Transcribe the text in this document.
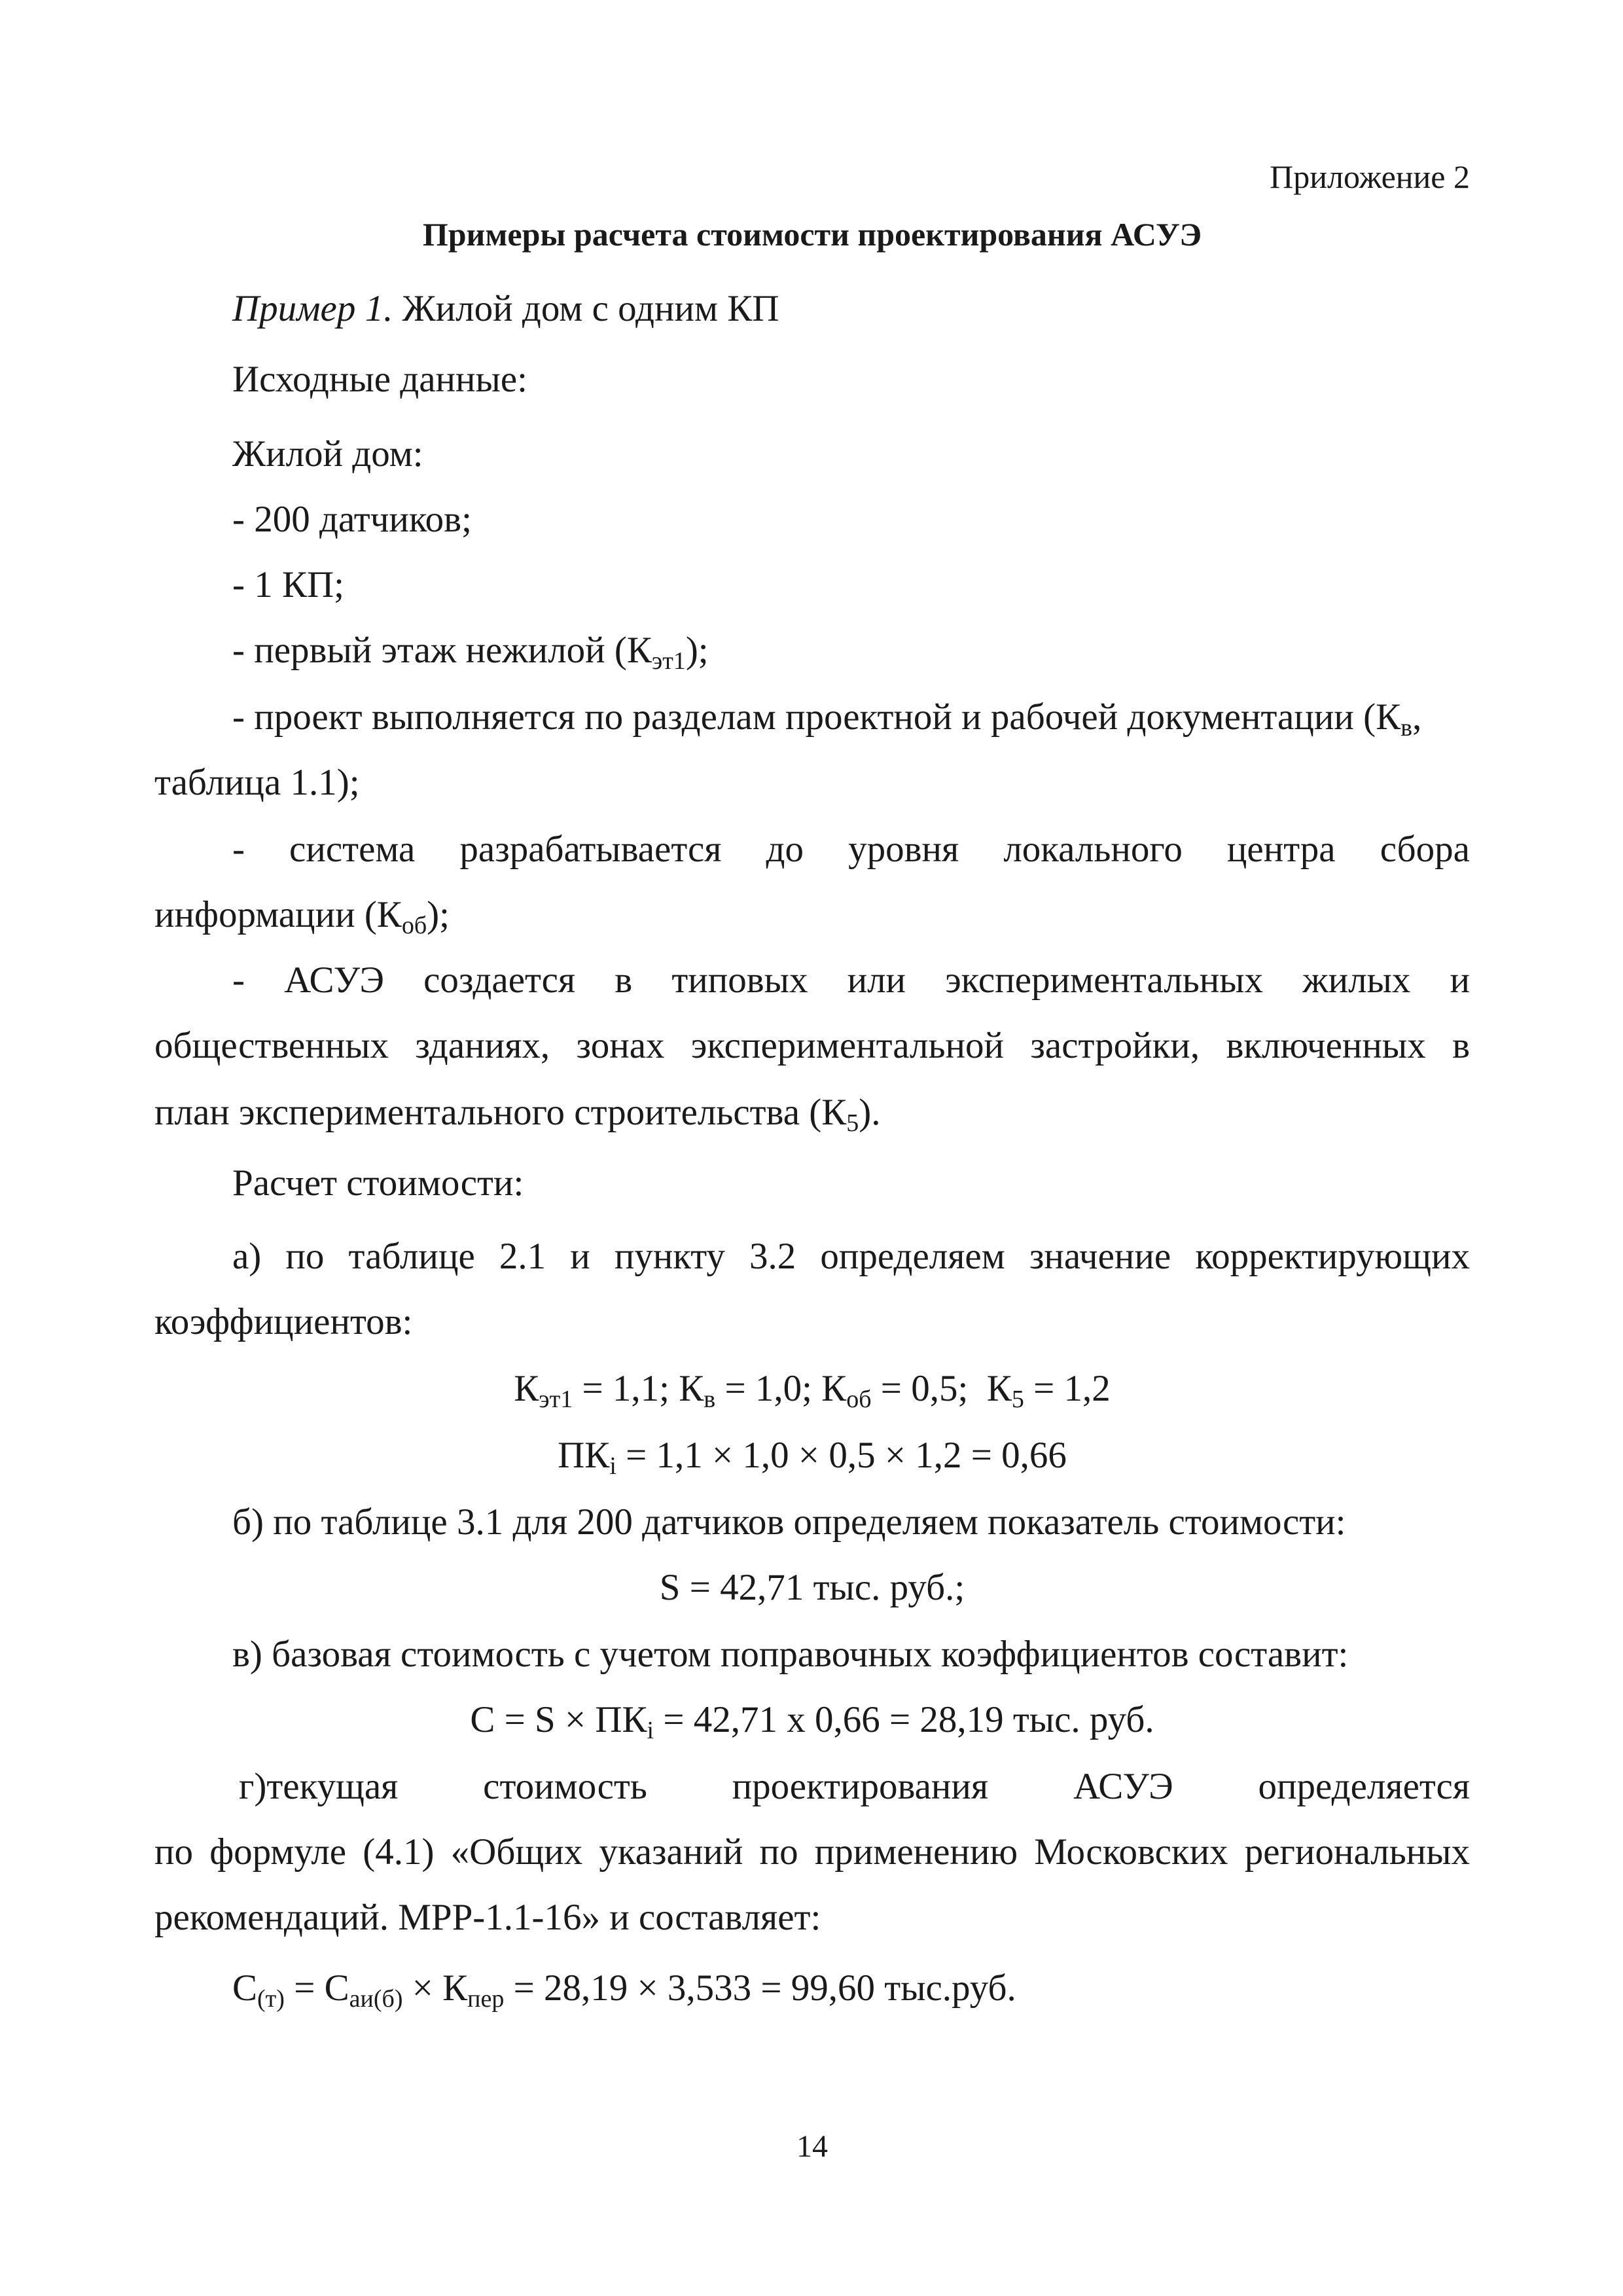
Приложение 2
Примеры расчета стоимости проектирования АСУЭ
Пример 1. Жилой дом с одним КП
Исходные данные:
Жилой дом:
- 200 датчиков;
- 1 КП;
- первый этаж нежилой $(К_{эт1})$;
- проект выполняется по разделам проектной и рабочей документации ($К_в$,
таблица 1.1);
- система разрабатывается до уровня локального центра сбора
информации $(К_{об})$;
- АСУЭ создается в типовых или экспериментальных жилых и
общественных зданиях, зонах экспериментальной застройки, включенных в
план экспериментального строительства $(К_5)$.
Расчет стоимости:
а) по таблице 2.1 и пункту 3.2 определяем значение корректирующих
коэффициентов:
$К_{эт1} = 1,1$; $К_в = 1,0$; $К_{об} = 0,5$;  $К_5 = 1,2$
$ПК_i = 1,1 \times 1,0 \times 0,5 \times 1,2 = 0,66$
б) по таблице 3.1 для 200 датчиков определяем показатель стоимости:
S = 42,71 тыс. руб.;
в) базовая стоимость с учетом поправочных коэффициентов составит:
$С = S \times ПК_i = 42,71$ х 0,66 = 28,19 тыс. руб.
г)текущая стоимость проектирования АСУЭ определяется
по формуле (4.1) «Общих указаний по применению Московских региональных
рекомендаций. МРР-1.1-16» и составляет:
$С_{(т)} = С_{аи(б)} \times К_{пер} = 28,19 \times 3,533 = 99,60$ тыс.руб.
14
